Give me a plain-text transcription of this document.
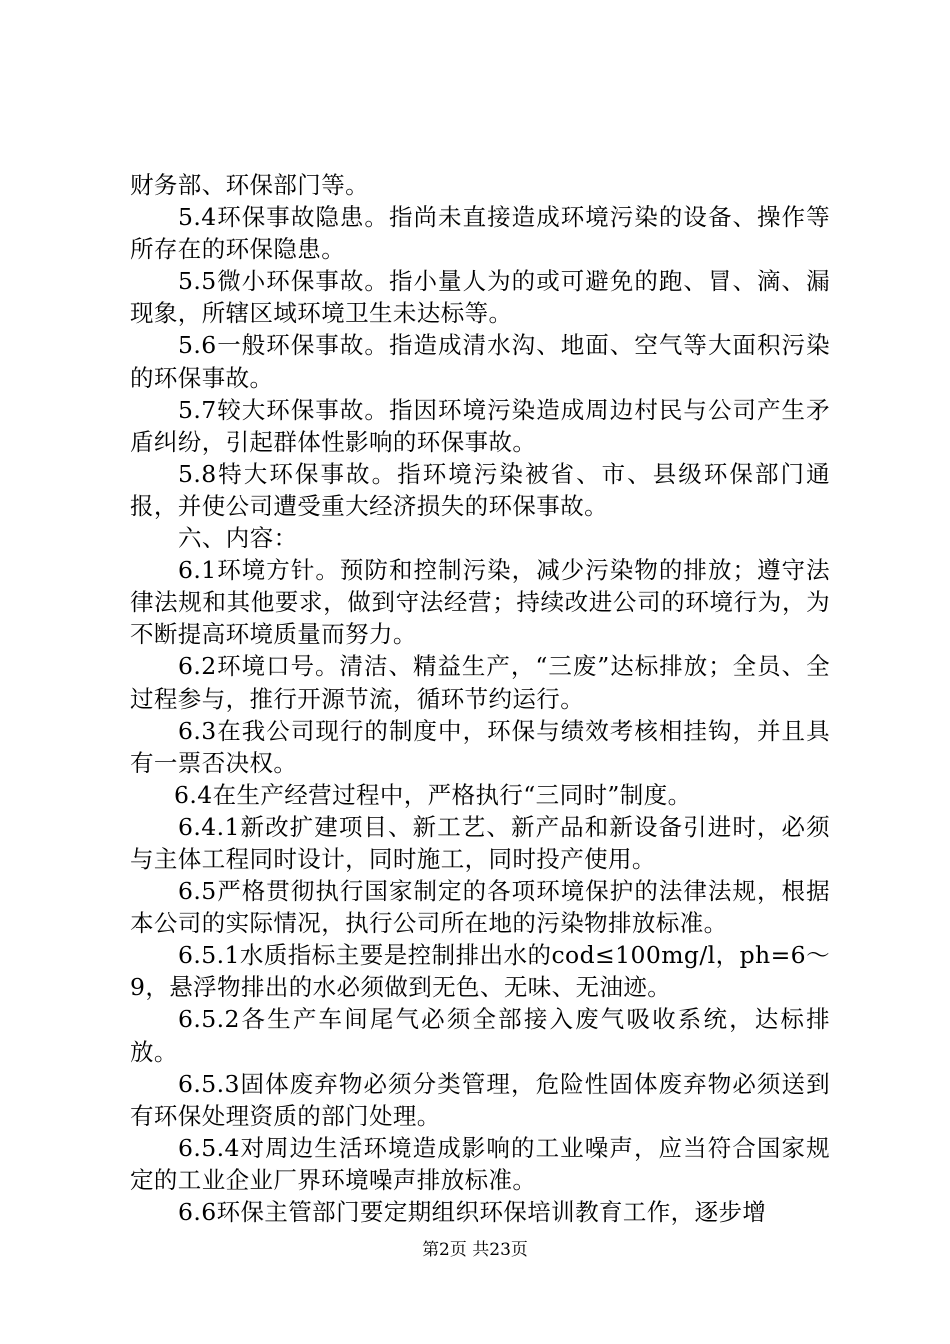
财务部、环保部门等。

5.4环保事故隐患。指尚未直接造成环境污染的设备、操作等所存在的环保隐患。

5.5微小环保事故。指小量人为的或可避免的跑、冒、滴、漏现象，所辖区域环境卫生未达标等。

5.6一般环保事故。指造成清水沟、地面、空气等大面积污染的环保事故。

5.7较大环保事故。指因环境污染造成周边村民与公司产生矛盾纠纷，引起群体性影响的环保事故。

5.8特大环保事故。指环境污染被省、市、县级环保部门通报，并使公司遭受重大经济损失的环保事故。

六、内容：

6.1环境方针。预防和控制污染，减少污染物的排放；遵守法律法规和其他要求，做到守法经营；持续改进公司的环境行为，为不断提高环境质量而努力。

6.2环境口号。清洁、精益生产，“三废”达标排放；全员、全过程参与，推行开源节流，循环节约运行。

6.3在我公司现行的制度中，环保与绩效考核相挂钩，并且具有一票否决权。

6.4在生产经营过程中，严格执行“三同时”制度。

6.4.1新改扩建项目、新工艺、新产品和新设备引进时，必须与主体工程同时设计，同时施工，同时投产使用。

6.5严格贯彻执行国家制定的各项环境保护的法律法规，根据本公司的实际情况，执行公司所在地的污染物排放标准。

6.5.1水质指标主要是控制排出水的cod≤100mg/l，ph=6～9，悬浮物排出的水必须做到无色、无味、无油迹。

6.5.2各生产车间尾气必须全部接入废气吸收系统，达标排放。

6.5.3固体废弃物必须分类管理，危险性固体废弃物必须送到有环保处理资质的部门处理。

6.5.4对周边生活环境造成影响的工业噪声，应当符合国家规定的工业企业厂界环境噪声排放标准。

6.6环保主管部门要定期组织环保培训教育工作，逐步增

第2页 共23页
